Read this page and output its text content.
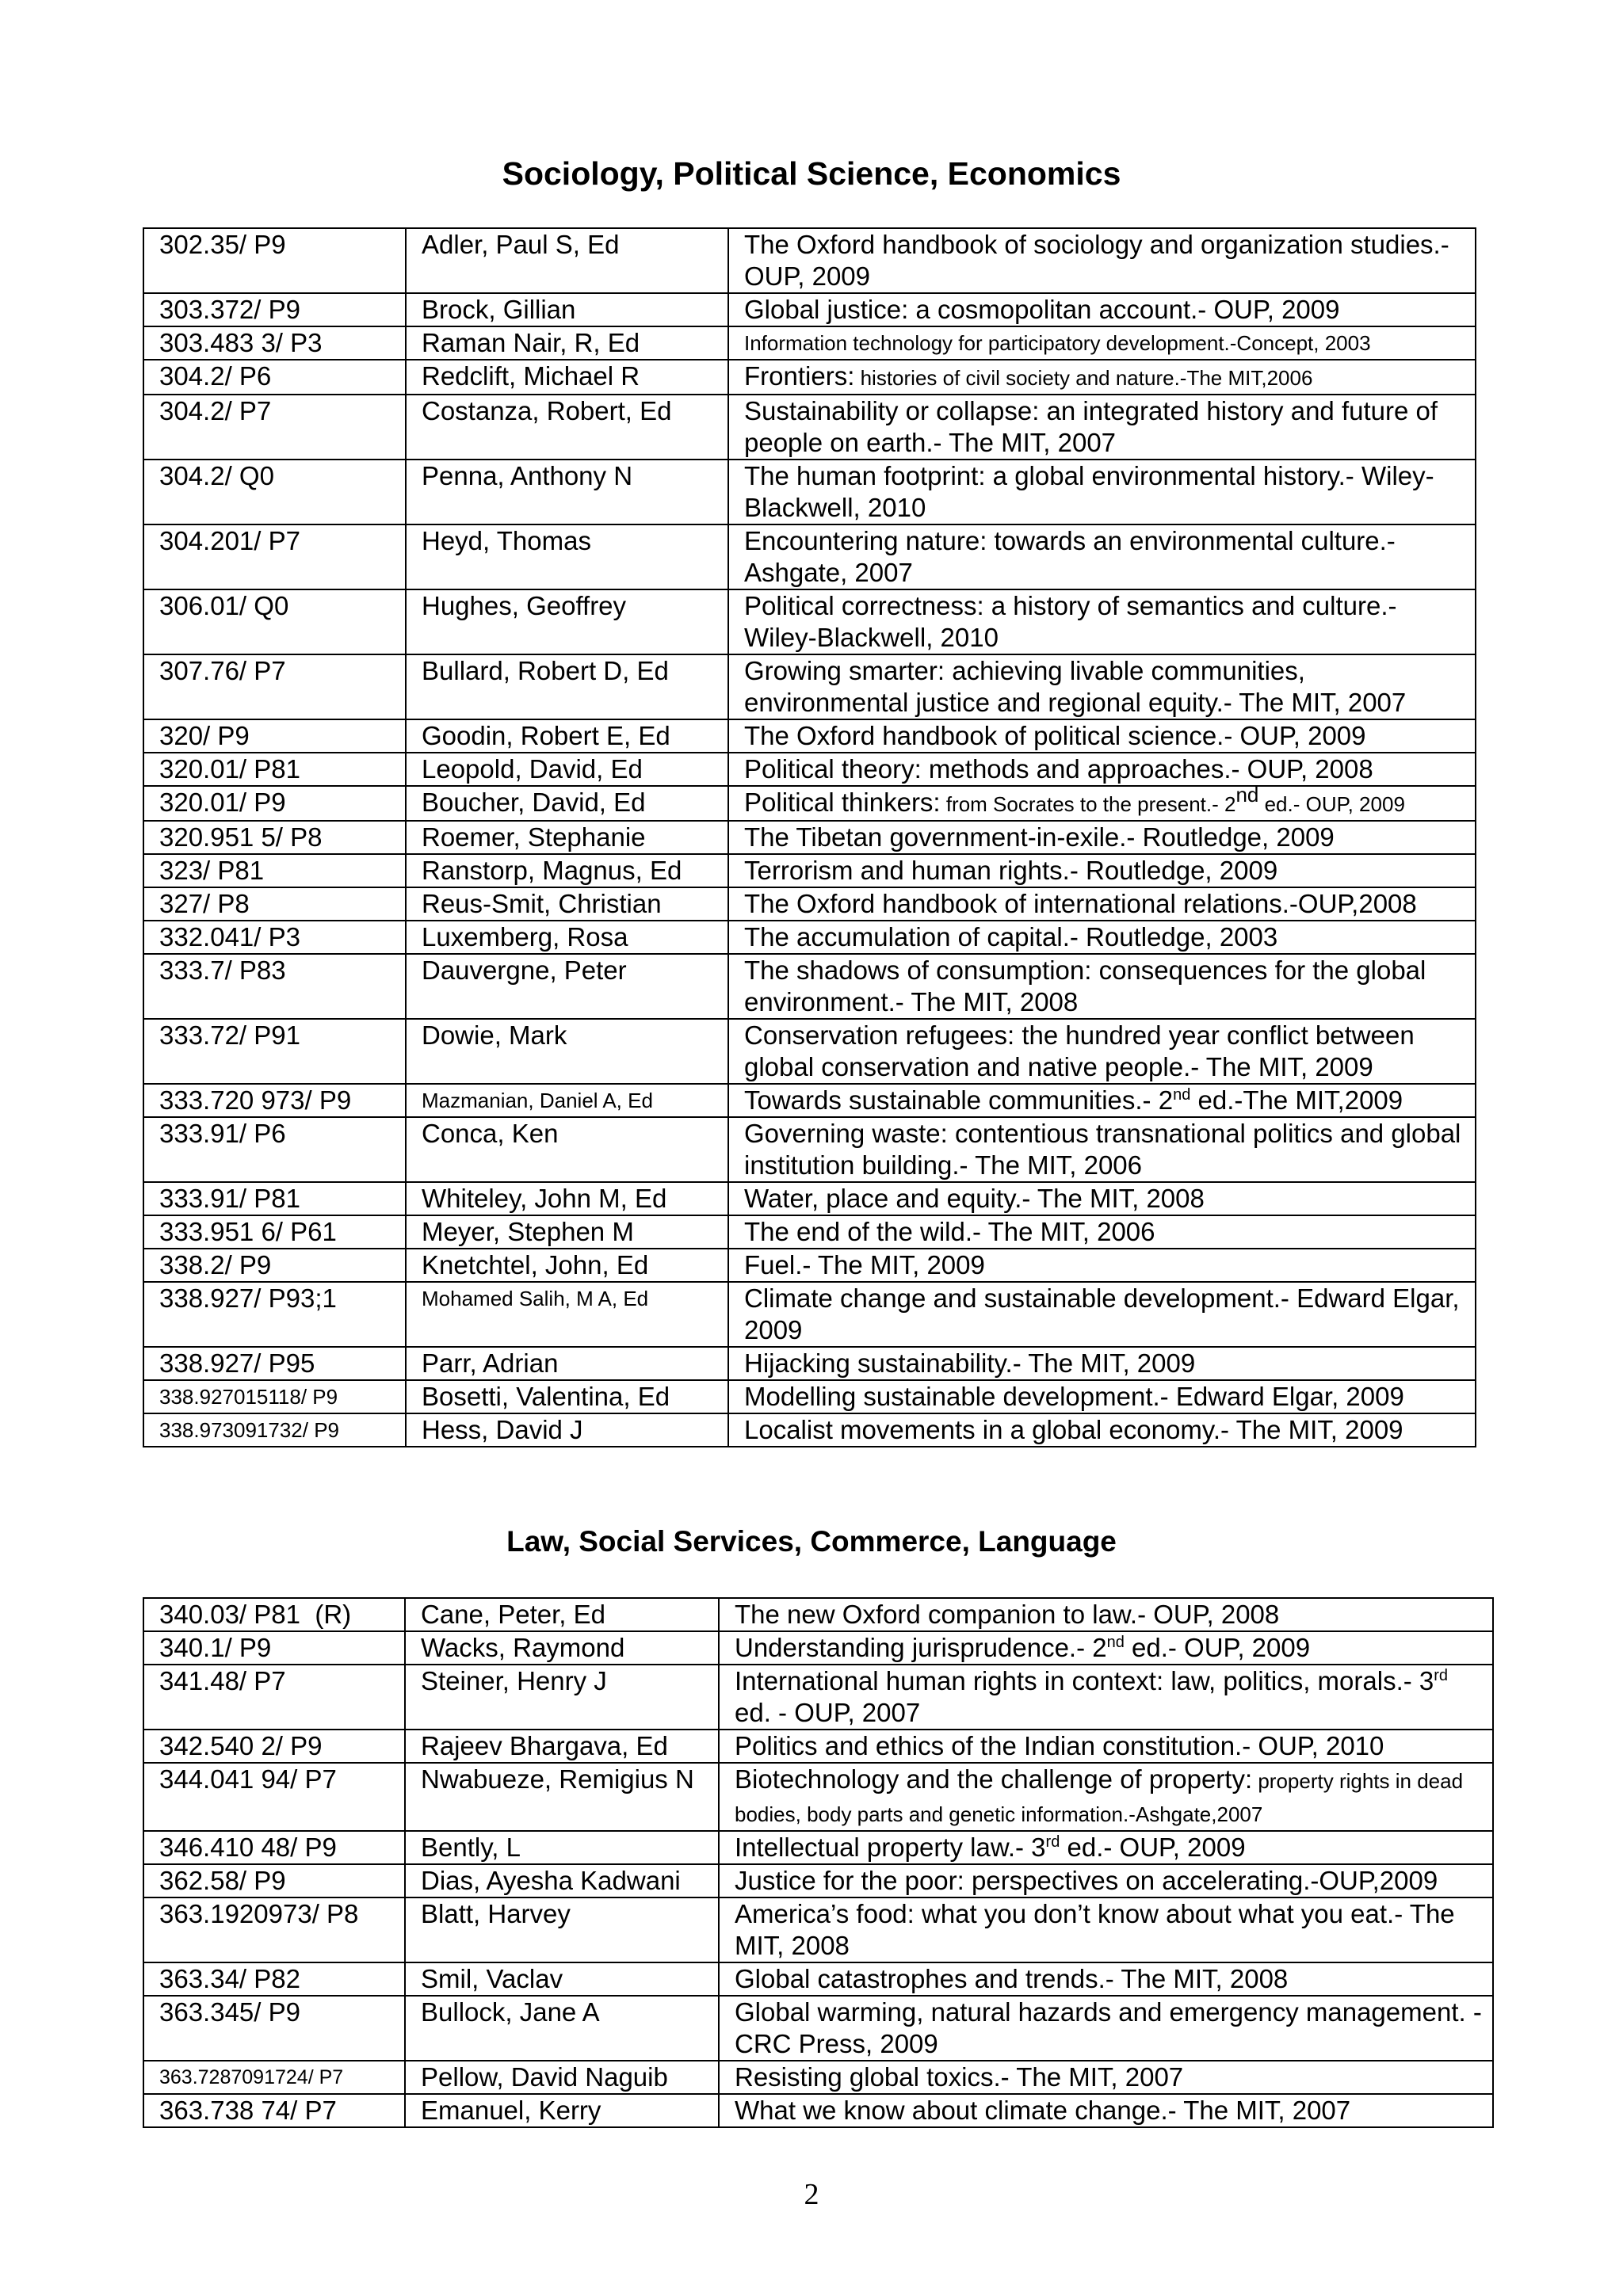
Sociology, Political Science, Economics
302.35/ P9	Adler, Paul S, Ed	The Oxford handbook of sociology and organization studies.- OUP, 2009
303.372/ P9	Brock, Gillian	Global justice: a cosmopolitan account.- OUP, 2009
303.483 3/ P3	Raman Nair, R, Ed	Information technology for participatory development.-Concept, 2003
304.2/ P6	Redclift, Michael R	Frontiers: histories of civil society and nature.-The MIT,2006
304.2/ P7	Costanza, Robert, Ed	Sustainability or collapse: an integrated history and future of people on earth.- The MIT, 2007
304.2/ Q0	Penna, Anthony N	The human footprint: a global environmental history.- Wiley-Blackwell, 2010
304.201/ P7	Heyd, Thomas	Encountering nature: towards an environmental culture.- Ashgate, 2007
306.01/ Q0	Hughes, Geoffrey	Political correctness: a history of semantics and culture.- Wiley-Blackwell, 2010
307.76/ P7	Bullard, Robert D, Ed	Growing smarter: achieving livable communities, environmental justice and regional equity.- The MIT, 2007
320/ P9	Goodin, Robert E, Ed	The Oxford handbook of political science.- OUP, 2009
320.01/ P81	Leopold, David, Ed	Political theory: methods and approaches.- OUP, 2008
320.01/ P9	Boucher, David, Ed	Political thinkers: from Socrates to the present.- 2nd ed.- OUP, 2009
320.951 5/ P8	Roemer, Stephanie	The Tibetan government-in-exile.- Routledge, 2009
323/ P81	Ranstorp, Magnus, Ed	Terrorism and human rights.- Routledge, 2009
327/ P8	Reus-Smit, Christian	The Oxford handbook of international relations.-OUP,2008
332.041/ P3	Luxemberg, Rosa	The accumulation of capital.- Routledge, 2003
333.7/ P83	Dauvergne, Peter	The shadows of consumption: consequences for the global environment.- The MIT, 2008
333.72/ P91	Dowie, Mark	Conservation refugees: the hundred year conflict between global conservation and native people.- The MIT, 2009
333.720 973/ P9	Mazmanian, Daniel A, Ed	Towards sustainable communities.- 2nd ed.-The MIT,2009
333.91/ P6	Conca, Ken	Governing waste: contentious transnational politics and global institution building.- The MIT, 2006
333.91/ P81	Whiteley, John M, Ed	Water, place and equity.- The MIT, 2008
333.951 6/ P61	Meyer, Stephen M	The end of the wild.- The MIT, 2006
338.2/ P9	Knetchtel, John, Ed	Fuel.- The MIT, 2009
338.927/ P93;1	Mohamed Salih, M A, Ed	Climate change and sustainable development.- Edward Elgar, 2009
338.927/ P95	Parr, Adrian	Hijacking sustainability.- The MIT, 2009
338.927015118/ P9	Bosetti, Valentina, Ed	Modelling sustainable development.- Edward Elgar, 2009
338.973091732/ P9	Hess, David J	Localist movements in a global economy.- The MIT, 2009
Law, Social Services, Commerce, Language
340.03/ P81  (R)	Cane, Peter, Ed	The new Oxford companion to law.- OUP, 2008
340.1/ P9	Wacks, Raymond	Understanding jurisprudence.- 2nd ed.- OUP, 2009
341.48/ P7	Steiner, Henry J	International human rights in context: law, politics, morals.- 3rd ed. - OUP, 2007
342.540 2/ P9	Rajeev Bhargava, Ed	Politics and ethics of the Indian constitution.- OUP, 2010
344.041 94/ P7	Nwabueze, Remigius N	Biotechnology and the challenge of property: property rights in dead bodies, body parts and genetic information.-Ashgate,2007
346.410 48/ P9	Bently, L	Intellectual property law.- 3rd ed.- OUP, 2009
362.58/ P9	Dias, Ayesha Kadwani	Justice for the poor: perspectives on accelerating.-OUP,2009
363.1920973/ P8	Blatt, Harvey	America’s food: what you don’t know about what you eat.- The MIT, 2008
363.34/ P82	Smil, Vaclav	Global catastrophes and trends.- The MIT, 2008
363.345/ P9	Bullock, Jane A	Global warming, natural hazards and emergency management. - CRC Press, 2009
363.7287091724/ P7	Pellow, David Naguib	Resisting global toxics.- The MIT, 2007
363.738 74/ P7	Emanuel, Kerry	What we know about climate change.- The MIT, 2007

2
